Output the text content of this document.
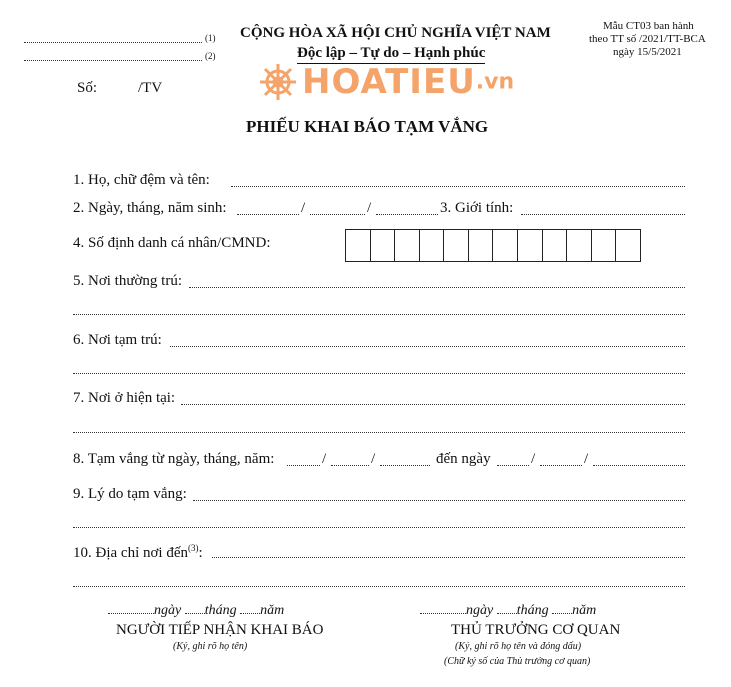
(1)
(2)
CỘNG HÒA XÃ HỘI CHỦ NGHĨA VIỆT NAM
Độc lập – Tự do – Hạnh phúc
Mẫu CT03 ban hành
theo TT số /2021/TT-BCA
ngày 15/5/2021
HOATIEU.vn
Số:	/TV
PHIẾU KHAI BÁO TẠM VẮNG
1. Họ, chữ đệm và tên:
2. Ngày, tháng, năm sinh:	/	/	3. Giới tính:
4. Số định danh cá nhân/CMND:
5. Nơi thường trú:
6. Nơi tạm trú:
7. Nơi ở hiện tại:
8. Tạm vắng từ ngày, tháng, năm:	/	/	đến ngày	/	/
9. Lý do tạm vắng:
10. Địa chỉ nơi đến$^{(3)}$:
ngày tháng năm
NGƯỜI TIẾP NHẬN KHAI BÁO
(Ký, ghi rõ họ tên)
ngày tháng năm
THỦ TRƯỞNG CƠ QUAN
(Ký, ghi rõ họ tên và đóng dấu)
(Chữ ký số của Thủ trưởng cơ quan)
